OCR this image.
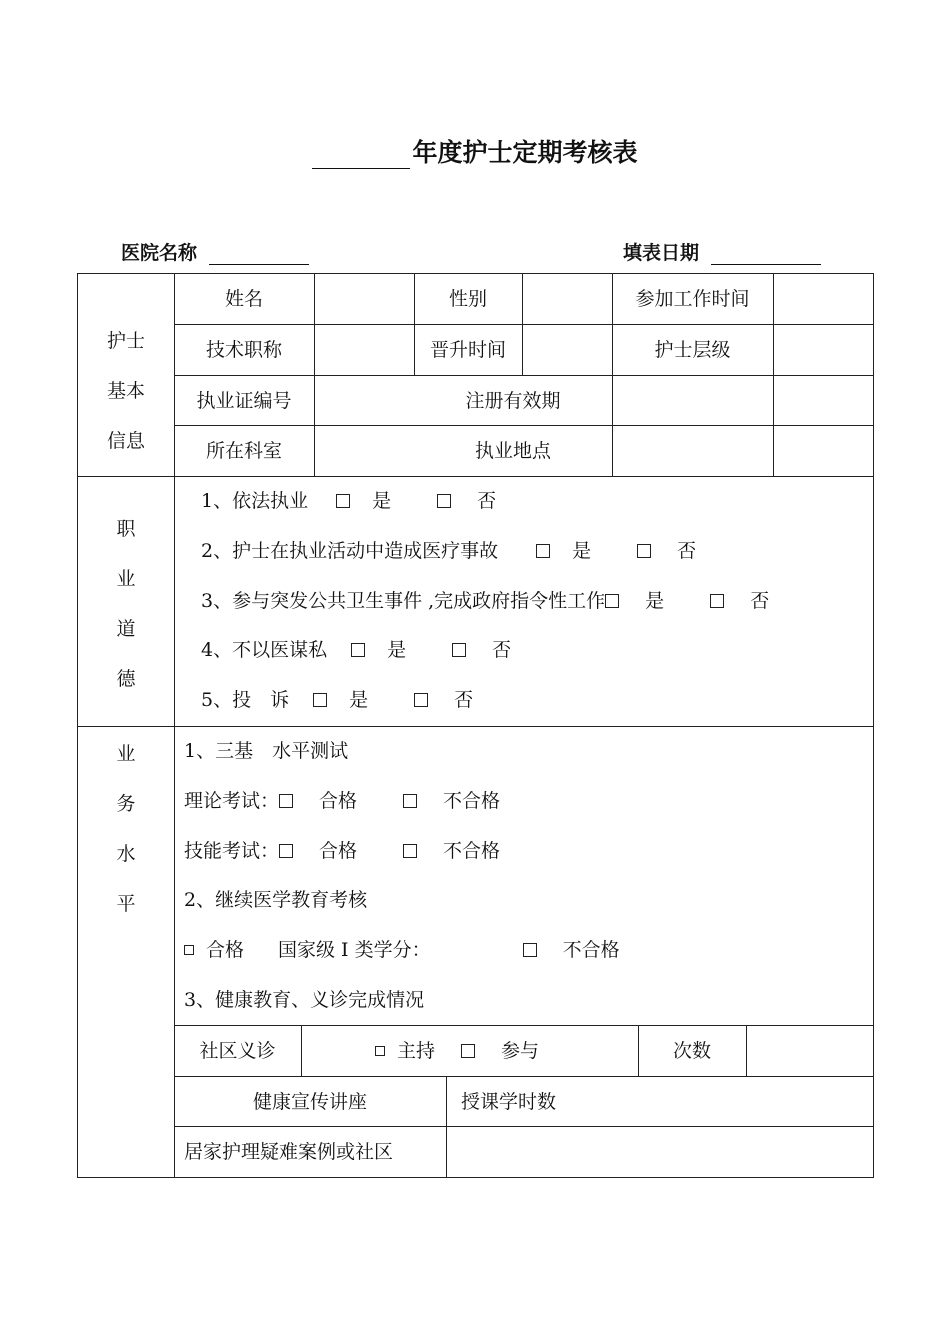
年度护士定期考核表
医院名称	填表日期
护士
基本
信息
姓名	性别	参加工作时间
技术职称	晋升时间	护士层级
执业证编号	注册有效期
所在科室	执业地点
职
业
道
德
1、依法执业	是	否
2、护士在执业活动中造成医疗事故	是	否
3、参与突发公共卫生事件 ,完成政府指令性工作 是	否
4、不以医谋私	是	否
5、投　诉	是	否
业
务
水
平
1、三基　水平测试
理论考试： 合格	不合格
技能考试： 合格	不合格
2、继续医学教育考核
合格 国家级 I 类学分：	不合格
3、健康教育、义诊完成情况
社区义诊	主持	参与	次数
健康宣传讲座	授课学时数
居家护理疑难案例或社区
